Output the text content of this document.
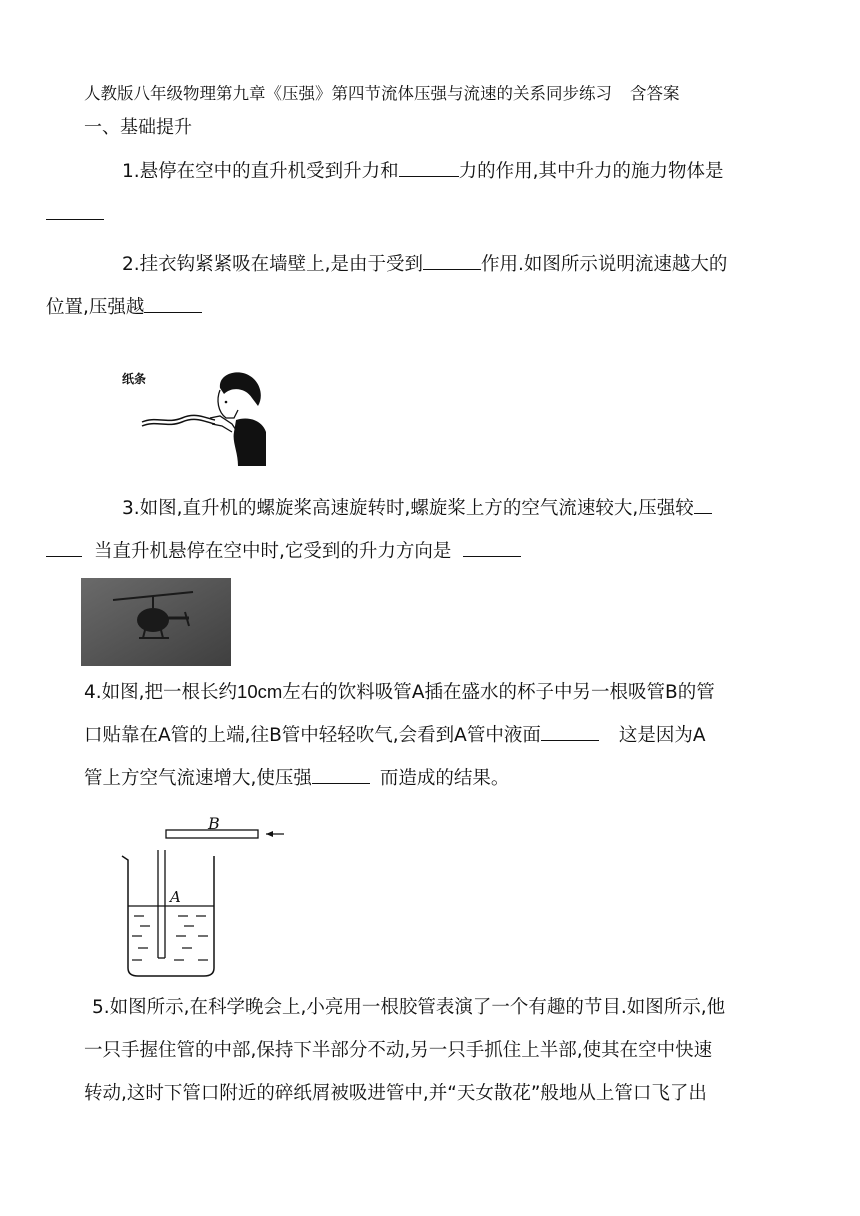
人教版八年级物理第九章《压强》第四节流体压强与流速的关系同步练习 含答案
一、基础提升
1.悬停在空中的直升机受到升力和	力的作用,其中升力的施力物体是

2.挂衣钩紧紧吸在墙壁上,是由于受到	作用.如图所示说明流速越大的
位置,压强越
纸条
3.如图,直升机的螺旋桨高速旋转时,螺旋桨上方的空气流速较大,压强较
当直升机悬停在空中时,它受到的升力方向是
4.如图,把一根长约10cm左右的饮料吸管A插在盛水的杯子中另一根吸管B的管
口贴靠在A管的上端,往B管中轻轻吹气,会看到A管中液面	这是因为A
管上方空气流速增大,使压强	而造成的结果。
B
A
5.如图所示,在科学晚会上,小亮用一根胶管表演了一个有趣的节目.如图所示,他
一只手握住管的中部,保持下半部分不动,另一只手抓住上半部,使其在空中快速
转动,这时下管口附近的碎纸屑被吸进管中,并“天女散花”般地从上管口飞了出
